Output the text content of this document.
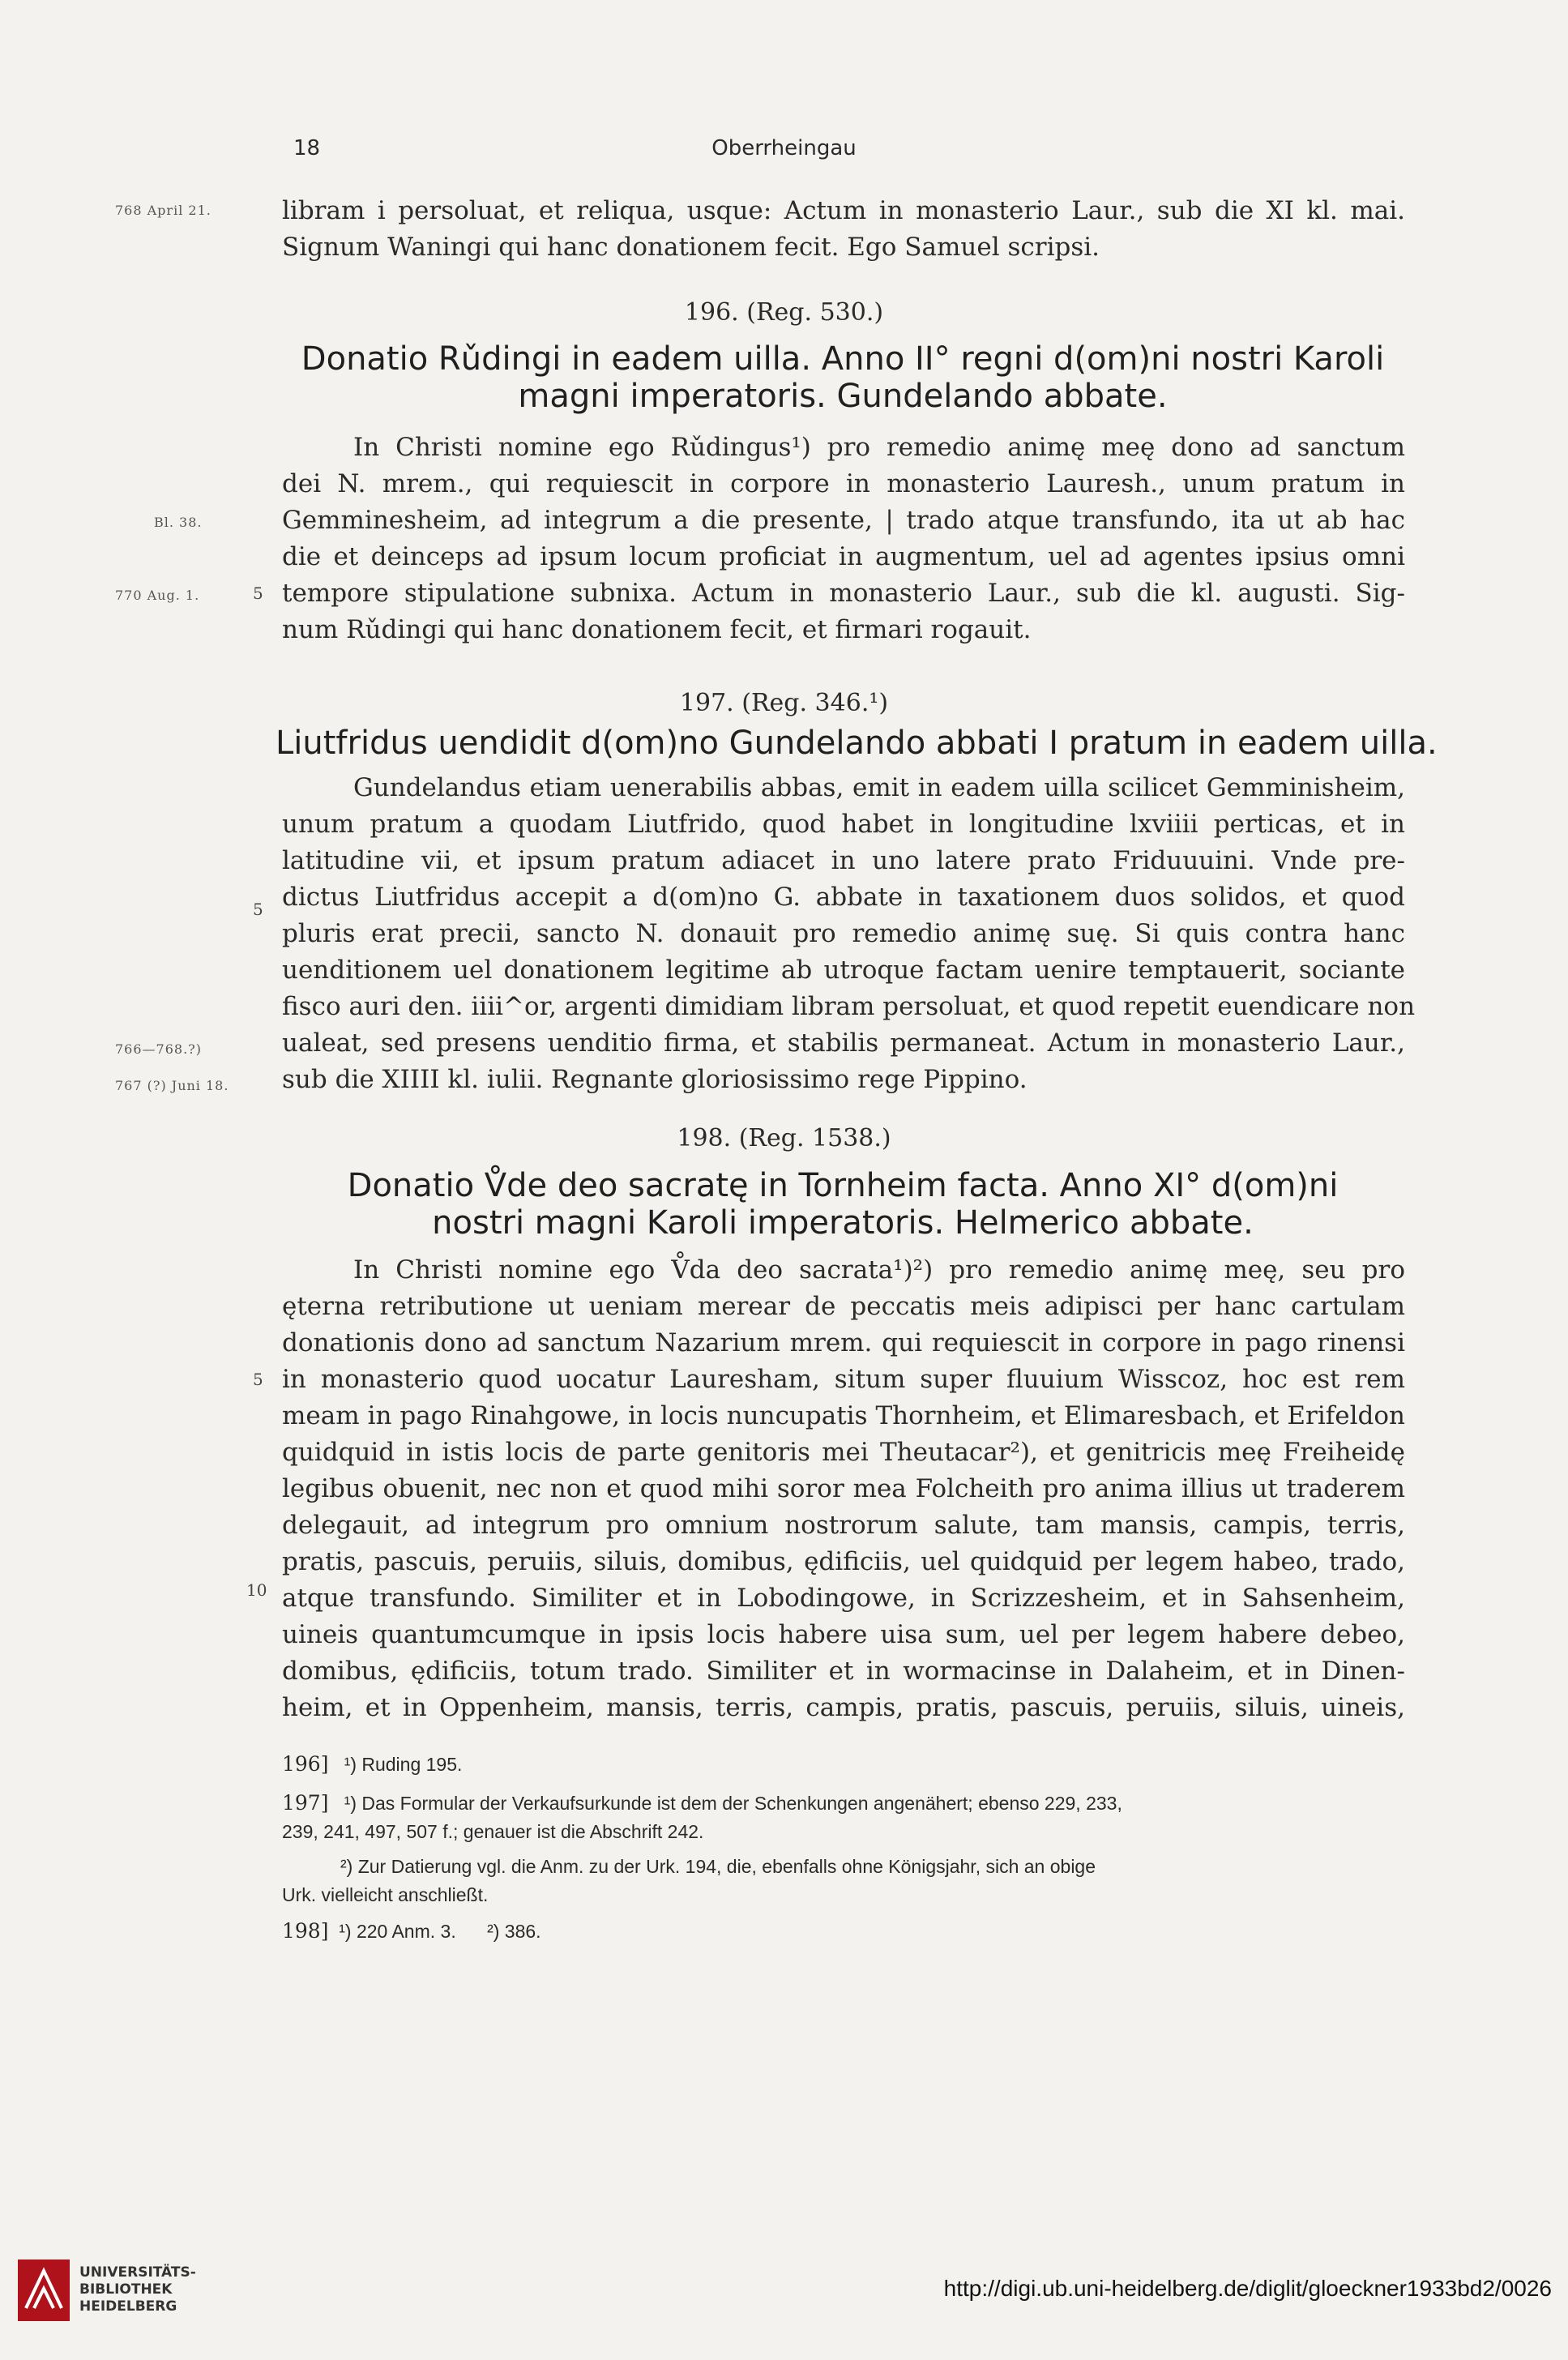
18	Oberrheingau
768 April 21.
Bl. 38.
770 Aug. 1.
766—768.?)
767 (?) Juni 18.
5
5
5
10
libram i persoluat, et reliqua, usque: Actum in monasterio Laur., sub die XI kl. mai.
Signum Waningi qui hanc donationem fecit. Ego Samuel scripsi.
196. (Reg. 530.)
Donatio Rǔdingi in eadem uilla. Anno II° regni d(om)ni nostri Karoli
magni imperatoris. Gundelando abbate.
In Christi nomine ego Rǔdingus¹) pro remedio animę meę dono ad sanctum
dei N. mrem., qui requiescit in corpore in monasterio Lauresh., unum pratum in
Gemminesheim, ad integrum a die presente, | trado atque transfundo, ita ut ab hac
die et deinceps ad ipsum locum proficiat in augmentum, uel ad agentes ipsius omni
tempore stipulatione subnixa. Actum in monasterio Laur., sub die kl. augusti. Sig-
num Rǔdingi qui hanc donationem fecit, et firmari rogauit.
197. (Reg. 346.¹)
Liutfridus uendidit d(om)no Gundelando abbati I pratum in eadem uilla.
Gundelandus etiam uenerabilis abbas, emit in eadem uilla scilicet Gemminisheim,
unum pratum a quodam Liutfrido, quod habet in longitudine lxviiii perticas, et in
latitudine vii, et ipsum pratum adiacet in uno latere prato Friduuuini. Vnde pre-
dictus Liutfridus accepit a d(om)no G. abbate in taxationem duos solidos, et quod
pluris erat precii, sancto N. donauit pro remedio animę suę. Si quis contra hanc
uenditionem uel donationem legitime ab utroque factam uenire temptauerit, sociante
fisco auri den. iiii^or, argenti dimidiam libram persoluat, et quod repetit euendicare non
ualeat, sed presens uenditio firma, et stabilis permaneat. Actum in monasterio Laur.,
sub die XIIII kl. iulii. Regnante gloriosissimo rege Pippino.
198. (Reg. 1538.)
Donatio V̊de deo sacratę in Tornheim facta. Anno XI° d(om)ni
nostri magni Karoli imperatoris. Helmerico abbate.
In Christi nomine ego V̊da deo sacrata¹)²) pro remedio animę meę, seu pro
ęterna retributione ut ueniam merear de peccatis meis adipisci per hanc cartulam
donationis dono ad sanctum Nazarium mrem. qui requiescit in corpore in pago rinensi
in monasterio quod uocatur Lauresham, situm super fluuium Wisscoz, hoc est rem
meam in pago Rinahgowe, in locis nuncupatis Thornheim, et Elimaresbach, et Erifeldon
quidquid in istis locis de parte genitoris mei Theutacar²), et genitricis meę Freiheidę
legibus obuenit, nec non et quod mihi soror mea Folcheith pro anima illius ut traderem
delegauit, ad integrum pro omnium nostrorum salute, tam mansis, campis, terris,
pratis, pascuis, peruiis, siluis, domibus, ędificiis, uel quidquid per legem habeo, trado,
atque transfundo. Similiter et in Lobodingowe, in Scrizzesheim, et in Sahsenheim,
uineis quantumcumque in ipsis locis habere uisa sum, uel per legem habere debeo,
domibus, ędificiis, totum trado. Similiter et in wormacinse in Dalaheim, et in Dinen-
heim, et in Oppenheim, mansis, terris, campis, pratis, pascuis, peruiis, siluis, uineis,
196] ¹) Ruding 195.
197] ¹) Das Formular der Verkaufsurkunde ist dem der Schenkungen angenähert; ebenso 229, 233,
239, 241, 497, 507 f.; genauer ist die Abschrift 242.
²) Zur Datierung vgl. die Anm. zu der Urk. 194, die, ebenfalls ohne Königsjahr, sich an obige
Urk. vielleicht anschließt.
198] ¹) 220 Anm. 3.      ²) 386.
UNIVERSITÄTS-
BIBLIOTHEK
HEIDELBERG
http://digi.ub.uni-heidelberg.de/diglit/gloeckner1933bd2/0026
